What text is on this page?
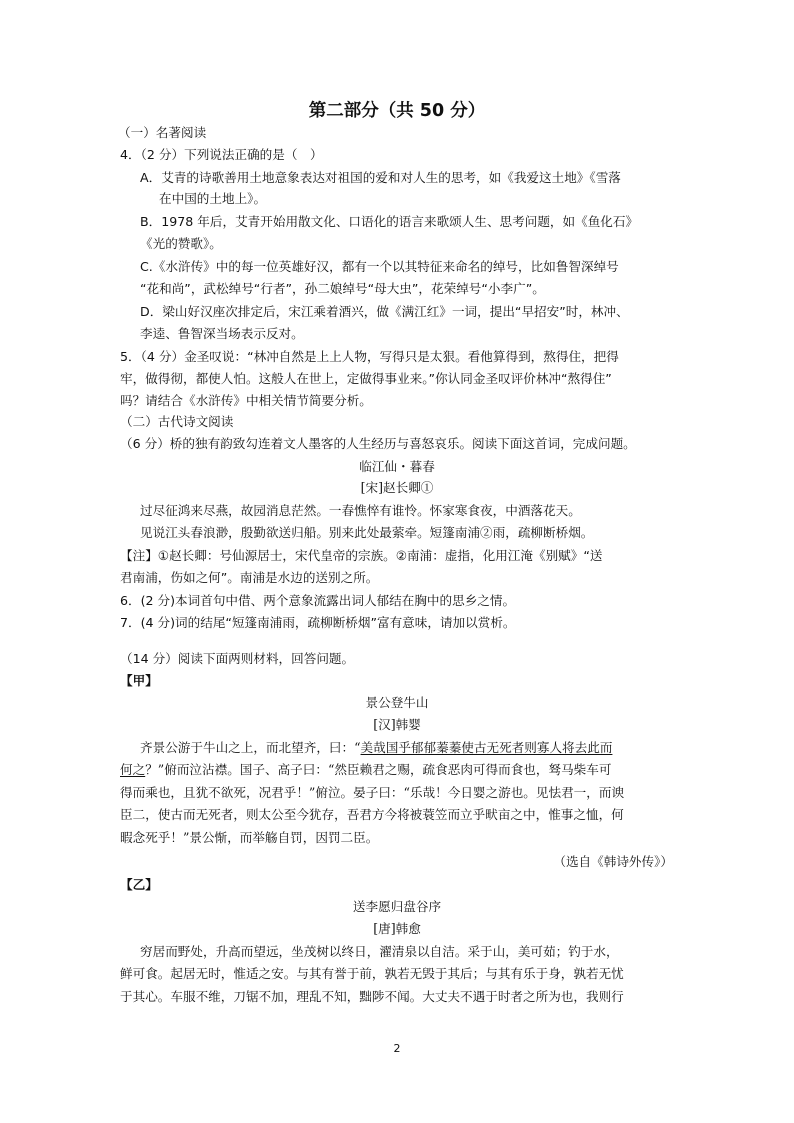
第二部分（共 50 分）
（一）名著阅读
4．（2 分）下列说法正确的是（　）
A．艾青的诗歌善用土地意象表达对祖国的爱和对人生的思考，如《我爱这土地》《雪落
在中国的土地上》。
B．1978 年后，艾青开始用散文化、口语化的语言来歌颂人生、思考问题，如《鱼化石》
《光的赞歌》。
C.《水浒传》中的每一位英雄好汉，都有一个以其特征来命名的绰号，比如鲁智深绰号
“花和尚”，武松绰号“行者”，孙二娘绰号“母大虫”，花荣绰号“小李广”。
D．梁山好汉座次排定后，宋江乘着酒兴，做《满江红》一词，提出“早招安”时，林冲、
李逵、鲁智深当场表示反对。
5．（4 分）金圣叹说：“林冲自然是上上人物，写得只是太狠。看他算得到，熬得住，把得
牢，做得彻，都使人怕。这般人在世上，定做得事业来。”你认同金圣叹评价林冲“熬得住”
吗？请结合《水浒传》中相关情节简要分析。
（二）古代诗文阅读
（6 分）桥的独有韵致勾连着文人墨客的人生经历与喜怒哀乐。阅读下面这首词，完成问题。
临江仙・暮春
[宋]赵长卿①
过尽征鸿来尽燕，故园消息茫然。一春憔悴有谁怜。怀家寒食夜，中酒落花天。
见说江头春浪渺，殷勤欲送归船。别来此处最萦牵。短篷南浦②雨，疏柳断桥烟。
【注】①赵长卿：号仙源居士，宋代皇帝的宗族。②南浦：虚指，化用江淹《别赋》“送
君南浦，伤如之何”。南浦是水边的送别之所。
6．(2 分)本词首句中借、两个意象流露出词人郁结在胸中的思乡之情。
7．(4 分)词的结尾“短篷南浦雨，疏柳断桥烟”富有意味，请加以赏析。
（14 分）阅读下面两则材料，回答问题。
【甲】
景公登牛山
[汉]韩婴
齐景公游于牛山之上，而北望齐，曰：“美哉国乎郁郁蓁蓁使古无死者则寡人将去此而
何之？”俯而泣沾襟。国子、高子曰：“然臣赖君之赐，疏食恶肉可得而食也，驽马柴车可
得而乘也，且犹不欲死，况君乎！”俯泣。晏子曰：“乐哉！今日婴之游也。见怯君一，而谀
臣二，使古而无死者，则太公至今犹存，吾君方今将被蓑笠而立乎畎亩之中，惟事之恤，何
暇念死乎！”景公惭，而举觞自罚，因罚二臣。
（选自《韩诗外传》）
【乙】
送李愿归盘谷序
[唐]韩愈
穷居而野处，升高而望远，坐茂树以终日，濯清泉以自洁。采于山，美可茹；钓于水，
鲜可食。起居无时，惟适之安。与其有誉于前，孰若无毁于其后；与其有乐于身，孰若无忧
于其心。车服不维，刀锯不加，理乱不知，黜陟不闻。大丈夫不遇于时者之所为也，我则行
2
